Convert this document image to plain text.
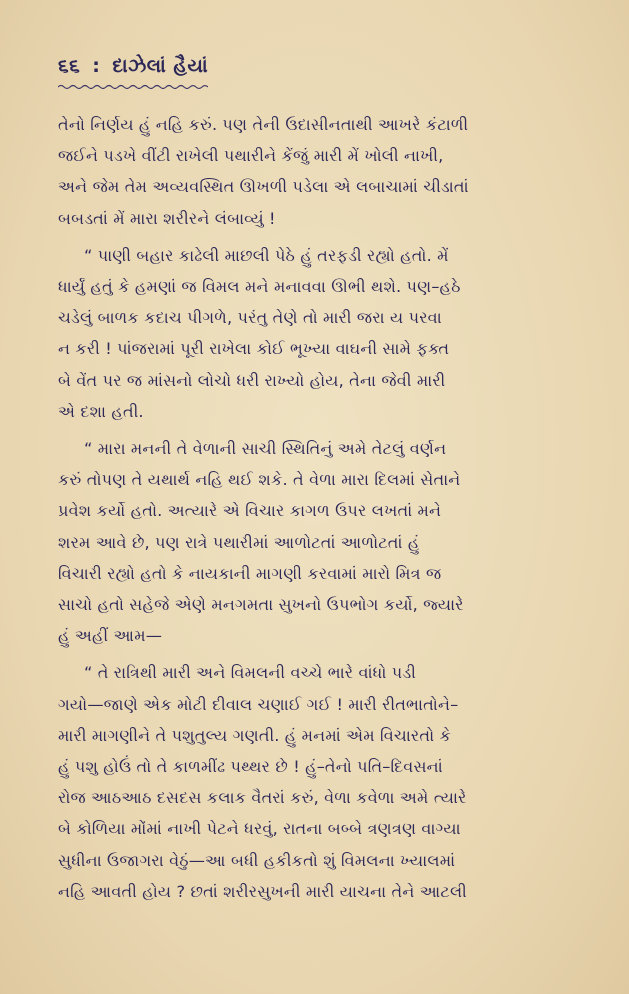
૬૬ : દાઝેલાં હૈયાં
તેનો નિર્ણય હું નહિ કરું. પણ તેની ઉદાસીનતાથી આખરે કંટાળી
જઈને પડખે વીંટી રાખેલી પથારીને કેંજું મારી મેં ખોલી નાખી,
અને જેમ તેમ અવ્યવસ્થિત ઊખળી પડેલા એ લબાચામાં ચીડાતાં
બબડતાં મેં મારા શરીરને લંબાવ્યું !
“ પાણી બહાર કાઢેલી માછલી પેઠે હું તરફડી રહ્યો હતો. મેં
ધાર્યું હતું કે હમણાં જ વિમલ મને મનાવવા ઊભી થશે. પણ–હઠે
ચડેલું બાળક કદાચ પીગળે, પરંતુ તેણે તો મારી જરા ય પરવા
ન કરી ! પાંજરામાં પૂરી રાખેલા કોઈ ભૂખ્યા વાઘની સામે ફક્ત
બે વેંત પર જ માંસનો લોચો ધરી રાખ્યો હોય, તેના જેવી મારી
એ દશા હતી.
“ મારા મનની તે વેળાની સાચી સ્થિતિનું અમે તેટલું વર્ણન
કરું તોપણ તે યથાર્થ નહિ થઈ શકે. તે વેળા મારા દિલમાં સેતાને
પ્રવેશ કર્યો હતો. અત્યારે એ વિચાર કાગળ ઉપર લખતાં મને
શરમ આવે છે, પણ રાત્રે પથારીમાં આળોટતાં આળોટતાં હું
વિચારી રહ્યો હતો કે નાયકાની માગણી કરવામાં મારો મિત્ર જ
સાચો હતો સહેજે એણે મનગમતા સુખનો ઉપભોગ કર્યો, જ્યારે
હું અહીં આમ—
“ તે રાત્રિથી મારી અને વિમલની વચ્ચે ભારે વાંધો પડી
ગયો—જાણે એક મોટી દીવાલ ચણાઈ ગઈ ! મારી રીતભાતોને–
મારી માગણીને તે પશુતુલ્ય ગણતી. હું મનમાં એમ વિચારતો કે
હું પશુ હોઉં તો તે કાળમીંઢ પથ્થર છે ! હું–તેનો પતિ–દિવસનાં
રોજ આઠઆઠ દસદસ કલાક વૈતરાં કરું, વેળા કવેળા અમે ત્યારે
બે કોળિયા મોંમાં નાખી પેટને ધરવું, રાતના બબ્બે ત્રણત્રણ વાગ્યા
સુધીના ઉજાગરા વેઠું—આ બધી હકીકતો શું વિમલના ખ્યાલમાં
નહિ આવતી હોય ? છતાં શરીરસુખની મારી યાચના તેને આટલી
